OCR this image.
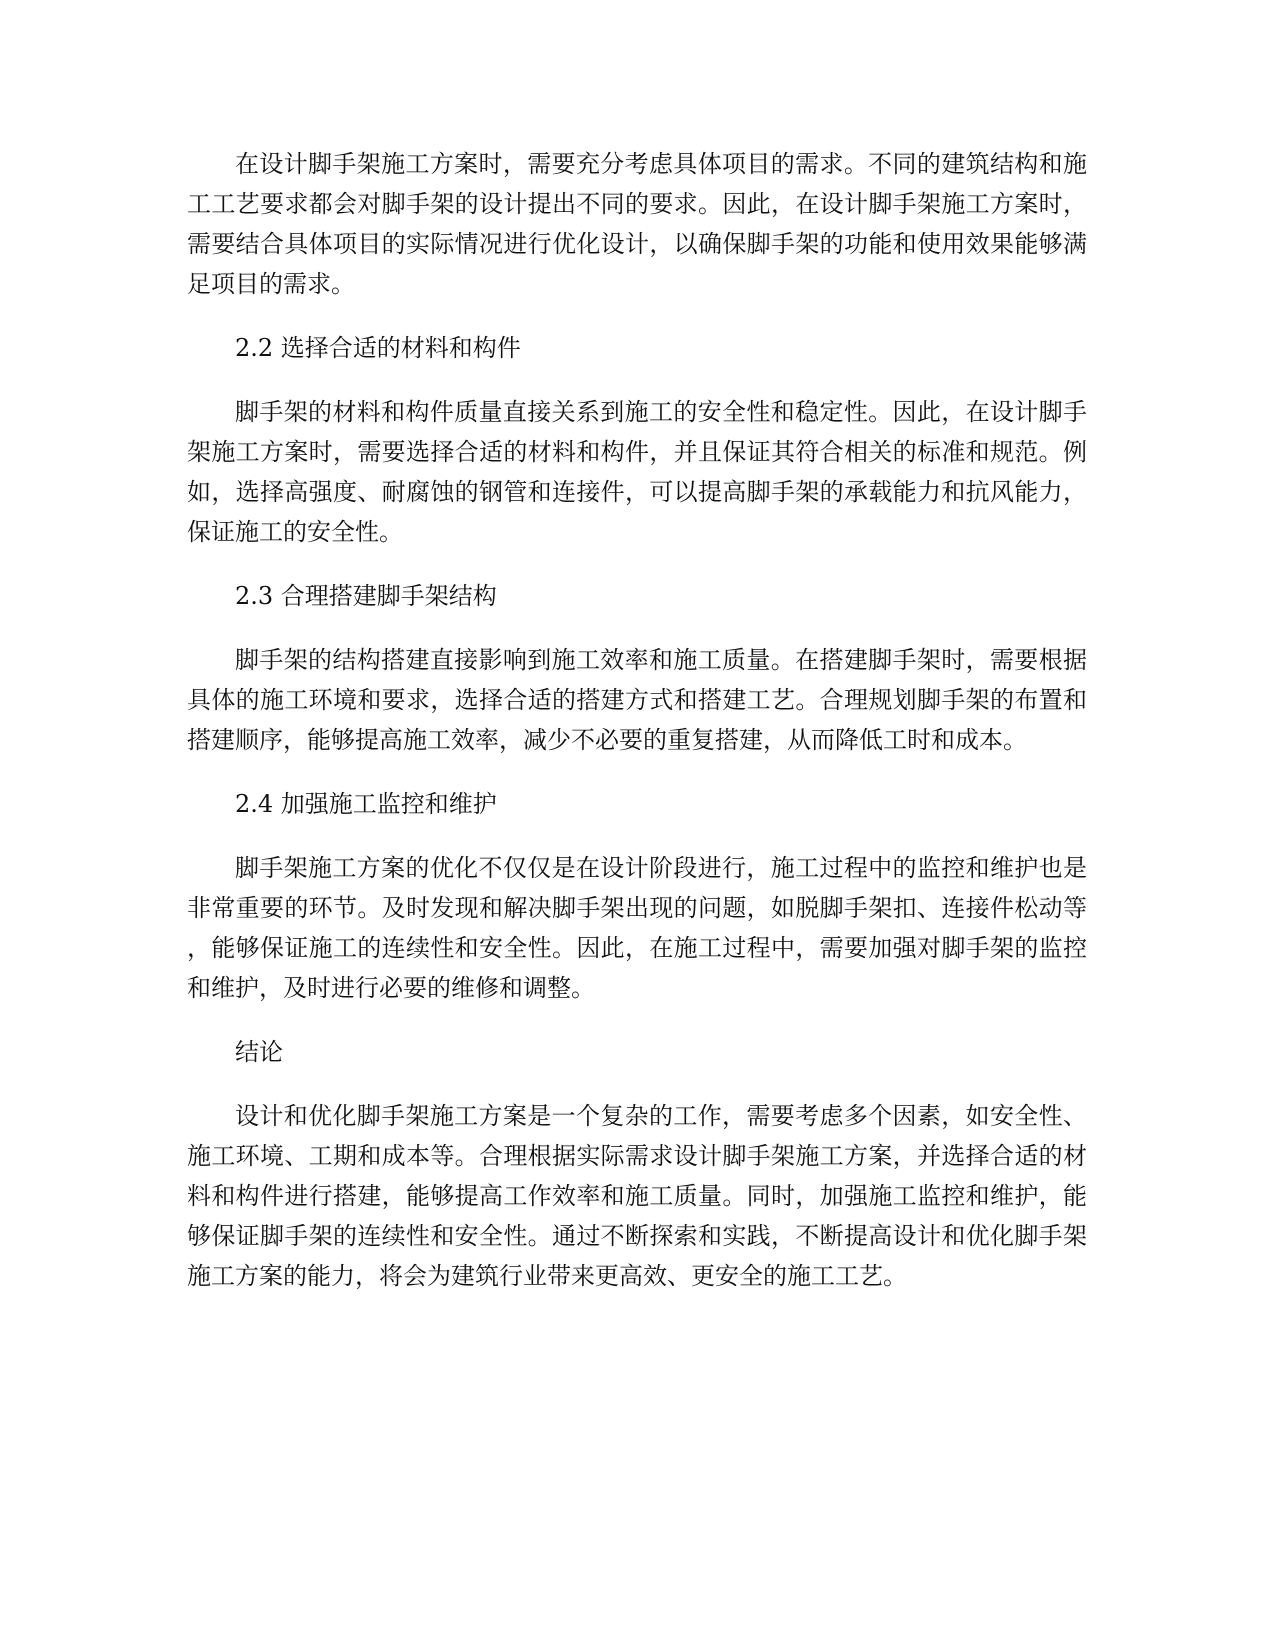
在设计脚手架施工方案时，需要充分考虑具体项目的需求。不同的建筑结构和施工工艺要求都会对脚手架的设计提出不同的要求。因此，在设计脚手架施工方案时，需要结合具体项目的实际情况进行优化设计，以确保脚手架的功能和使用效果能够满足项目的需求。

2.2 选择合适的材料和构件

脚手架的材料和构件质量直接关系到施工的安全性和稳定性。因此，在设计脚手架施工方案时，需要选择合适的材料和构件，并且保证其符合相关的标准和规范。例如，选择高强度、耐腐蚀的钢管和连接件，可以提高脚手架的承载能力和抗风能力，保证施工的安全性。

2.3 合理搭建脚手架结构

脚手架的结构搭建直接影响到施工效率和施工质量。在搭建脚手架时，需要根据具体的施工环境和要求，选择合适的搭建方式和搭建工艺。合理规划脚手架的布置和搭建顺序，能够提高施工效率，减少不必要的重复搭建，从而降低工时和成本。

2.4 加强施工监控和维护

脚手架施工方案的优化不仅仅是在设计阶段进行，施工过程中的监控和维护也是非常重要的环节。及时发现和解决脚手架出现的问题，如脱脚手架扣、连接件松动等，能够保证施工的连续性和安全性。因此，在施工过程中，需要加强对脚手架的监控和维护，及时进行必要的维修和调整。

结论

设计和优化脚手架施工方案是一个复杂的工作，需要考虑多个因素，如安全性、施工环境、工期和成本等。合理根据实际需求设计脚手架施工方案，并选择合适的材料和构件进行搭建，能够提高工作效率和施工质量。同时，加强施工监控和维护，能够保证脚手架的连续性和安全性。通过不断探索和实践，不断提高设计和优化脚手架施工方案的能力，将会为建筑行业带来更高效、更安全的施工工艺。
